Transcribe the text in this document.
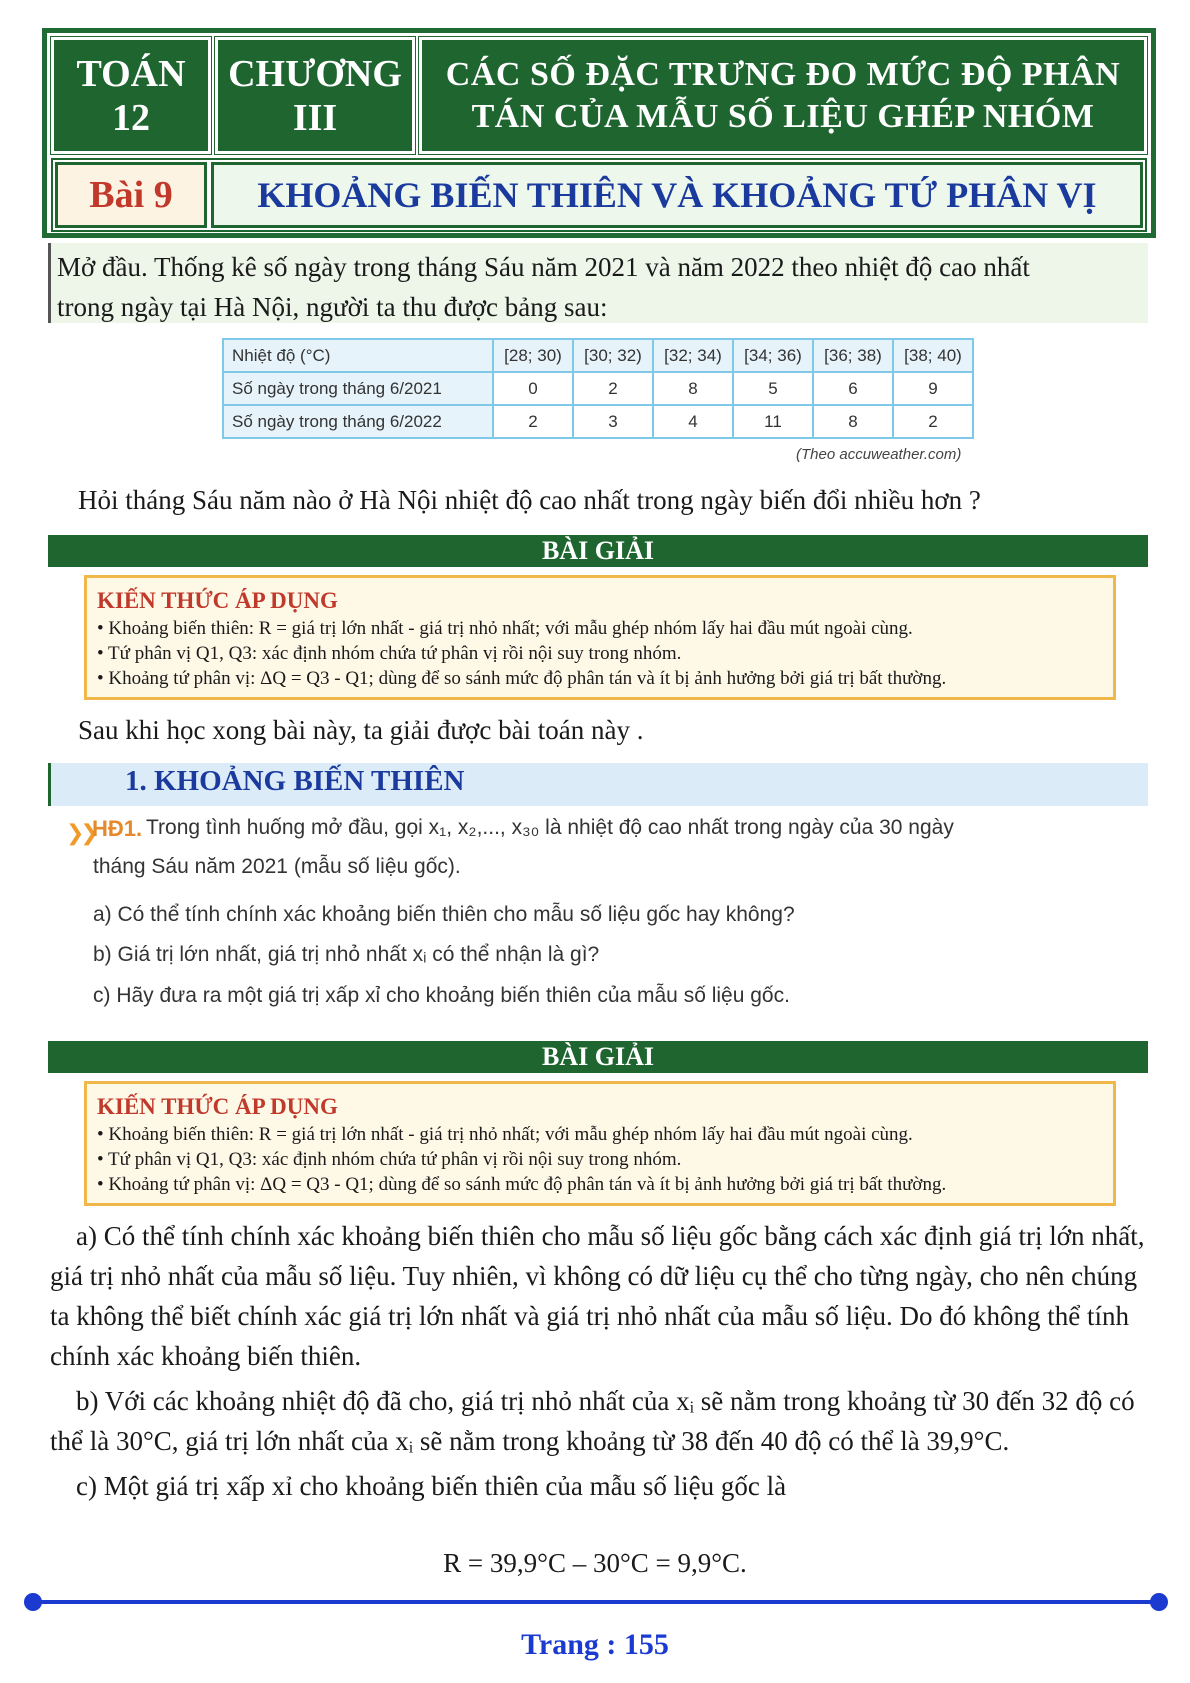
TOÁN
12
CHƯƠNG
III
CÁC SỐ ĐẶC TRƯNG ĐO MỨC ĐỘ PHÂN
TÁN CỦA MẪU SỐ LIỆU GHÉP NHÓM
Bài 9	KHOẢNG BIẾN THIÊN VÀ KHOẢNG TỨ PHÂN VỊ
Mở đầu. Thống kê số ngày trong tháng Sáu năm 2021 và năm 2022 theo nhiệt độ cao nhất
trong ngày tại Hà Nội, người ta thu được bảng sau:
Nhiệt độ (°C)	[28; 30)	[30; 32)	[32; 34)	[34; 36)	[36; 38)	[38; 40)
Số ngày trong tháng 6/2021	0	2	8	5	6	9
Số ngày trong tháng 6/2022	2	3	4	11	8	2
(Theo accuweather.com)
Hỏi tháng Sáu năm nào ở Hà Nội nhiệt độ cao nhất trong ngày biến đổi nhiều hơn ?
BÀI GIẢI
KIẾN THỨC ÁP DỤNG
• Khoảng biến thiên: R = giá trị lớn nhất - giá trị nhỏ nhất; với mẫu ghép nhóm lấy hai đầu mút ngoài cùng.
• Tứ phân vị Q1, Q3: xác định nhóm chứa tứ phân vị rồi nội suy trong nhóm.
• Khoảng tứ phân vị: ΔQ = Q3 - Q1; dùng để so sánh mức độ phân tán và ít bị ảnh hưởng bởi giá trị bất thường.
Sau khi học xong bài này, ta giải được bài toán này .
1. KHOẢNG BIẾN THIÊN
❯❯
HĐ1. Trong tình huống mở đầu, gọi x₁, x₂,..., x₃₀ là nhiệt độ cao nhất trong ngày của 30 ngày
tháng Sáu năm 2021 (mẫu số liệu gốc).
a) Có thể tính chính xác khoảng biến thiên cho mẫu số liệu gốc hay không?
b) Giá trị lớn nhất, giá trị nhỏ nhất xᵢ có thể nhận là gì?
c) Hãy đưa ra một giá trị xấp xỉ cho khoảng biến thiên của mẫu số liệu gốc.
BÀI GIẢI
KIẾN THỨC ÁP DỤNG
• Khoảng biến thiên: R = giá trị lớn nhất - giá trị nhỏ nhất; với mẫu ghép nhóm lấy hai đầu mút ngoài cùng.
• Tứ phân vị Q1, Q3: xác định nhóm chứa tứ phân vị rồi nội suy trong nhóm.
• Khoảng tứ phân vị: ΔQ = Q3 - Q1; dùng để so sánh mức độ phân tán và ít bị ảnh hưởng bởi giá trị bất thường.

a) Có thể tính chính xác khoảng biến thiên cho mẫu số liệu gốc bằng cách xác định giá trị lớn nhất, giá trị nhỏ nhất của mẫu số liệu. Tuy nhiên, vì không có dữ liệu cụ thể cho từng ngày, cho nên chúng ta không thể biết chính xác giá trị lớn nhất và giá trị nhỏ nhất của mẫu số liệu. Do đó không thể tính chính xác khoảng biến thiên.

b) Với các khoảng nhiệt độ đã cho, giá trị nhỏ nhất của xᵢ sẽ nằm trong khoảng từ 30 đến 32 độ có thể là 30°C, giá trị lớn nhất của xᵢ sẽ nằm trong khoảng từ 38 đến 40 độ có thể là 39,9°C.

c) Một giá trị xấp xỉ cho khoảng biến thiên của mẫu số liệu gốc là

R = 39,9°C – 30°C = 9,9°C.
Trang : 155
